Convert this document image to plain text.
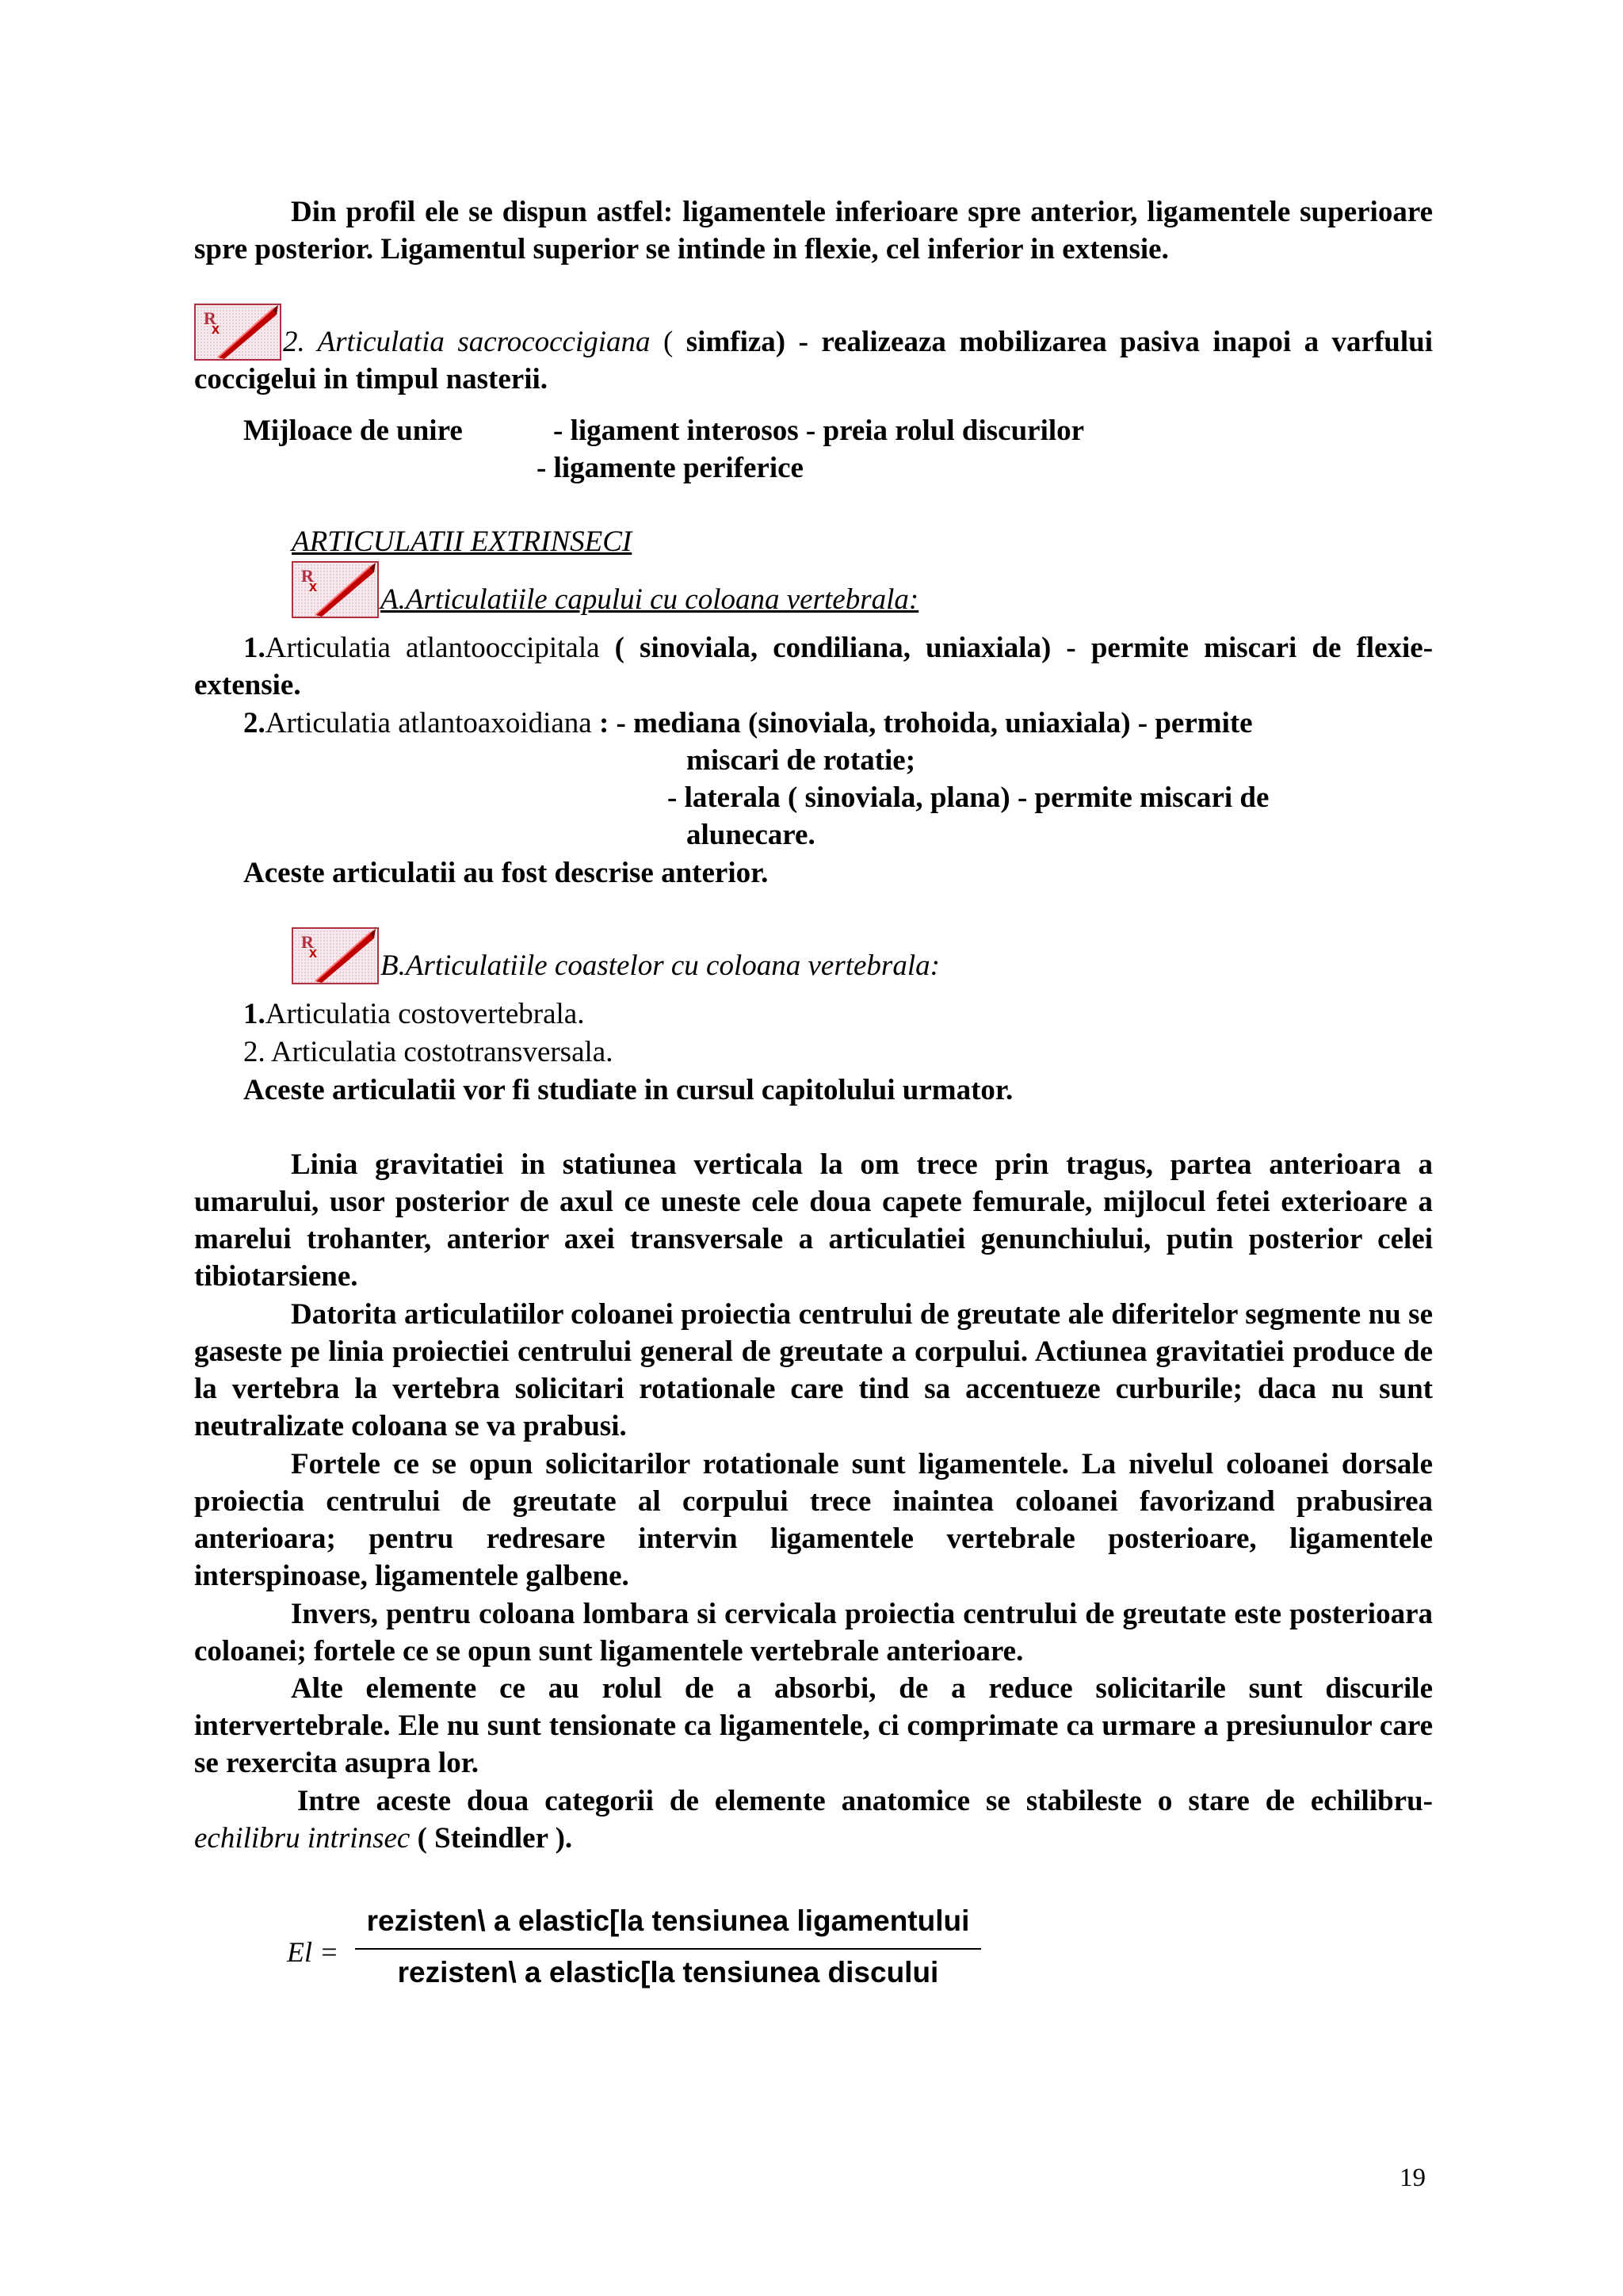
Din profil ele se dispun astfel: ligamentele inferioare spre anterior, ligamentele superioare spre posterior. Ligamentul superior se intinde in flexie, cel inferior in extensie.
R
x 2. Articulatia sacrococcigiana ( simfiza) - realizeaza mobilizarea pasiva inapoi a varfului coccigelui in timpul nasterii.
Mijloace de unire	- ligament interosos - preia rolul discurilor
- ligamente periferice
ARTICULATII EXTRINSECI
R
x A.Articulatiile capului cu coloana vertebrala:
1.Articulatia atlantooccipitala ( sinoviala, condiliana, uniaxiala) - permite miscari de flexie- extensie.
2.Articulatia atlantoaxoidiana : - mediana (sinoviala, trohoida, uniaxiala) - permite
miscari de rotatie;
- laterala ( sinoviala, plana) - permite miscari de
alunecare.
Aceste articulatii au fost descrise anterior.
R
x B.Articulatiile coastelor cu coloana vertebrala:
1.Articulatia costovertebrala.
2. Articulatia costotransversala.
Aceste articulatii vor fi studiate in cursul capitolului urmator.
Linia gravitatiei in statiunea verticala la om trece prin tragus, partea anterioara a umarului, usor posterior de axul ce uneste cele doua capete femurale, mijlocul fetei exterioare a marelui trohanter, anterior axei transversale a articulatiei genunchiului, putin posterior celei tibiotarsiene.
Datorita articulatiilor coloanei proiectia centrului de greutate ale diferitelor segmente nu se gaseste pe linia proiectiei centrului general de greutate a corpului. Actiunea gravitatiei produce de la vertebra la vertebra solicitari rotationale care tind sa accentueze curburile; daca nu sunt neutralizate coloana se va prabusi.
Fortele ce se opun solicitarilor rotationale sunt ligamentele. La nivelul coloanei dorsale proiectia centrului de greutate al corpului trece inaintea coloanei favorizand prabusirea anterioara; pentru redresare intervin ligamentele vertebrale posterioare, ligamentele interspinoase, ligamentele galbene.
Invers, pentru coloana lombara si cervicala proiectia centrului de greutate este posterioara coloanei; fortele ce se opun sunt ligamentele vertebrale anterioare.
Alte elemente ce au rolul de a absorbi, de a reduce solicitarile sunt discurile intervertebrale. Ele nu sunt tensionate ca ligamentele, ci comprimate ca urmare a presiunulor care se rexercita asupra lor.
Intre aceste doua categorii de elemente anatomice se stabileste o stare de echilibru- echilibru intrinsec ( Steindler ).
El =
rezisten\ a elastic[la tensiunea ligamentului
rezisten\ a elastic[la tensiunea discului
19
